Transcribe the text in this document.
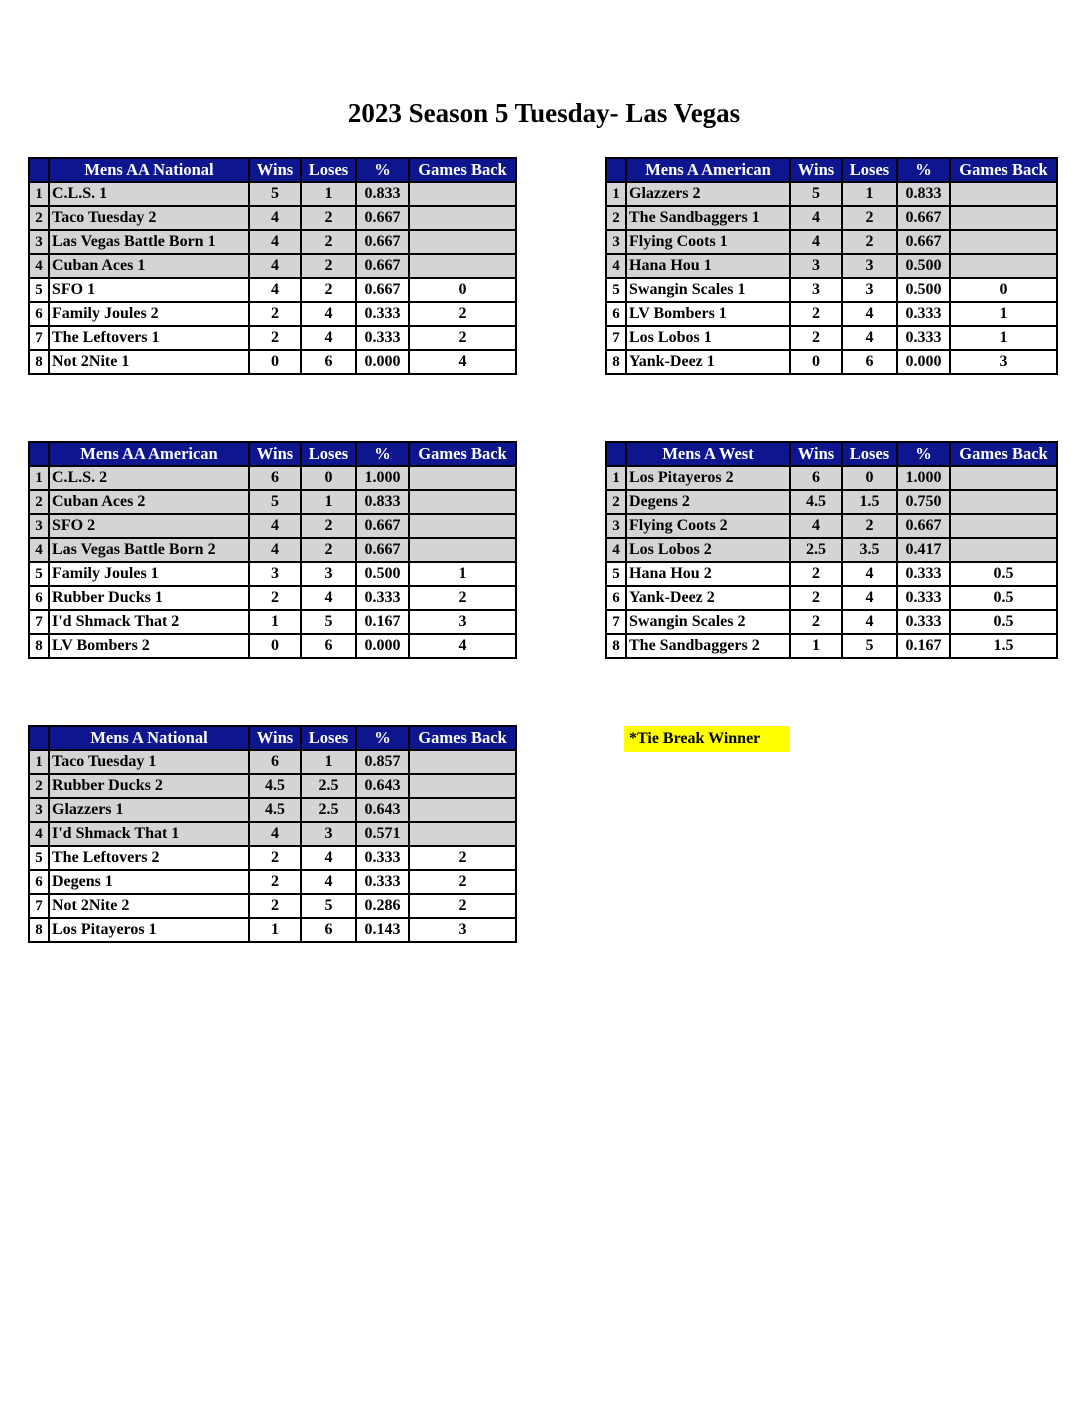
2023 Season 5 Tuesday- Las Vegas
	Mens AA National	Wins	Loses	%	Games Back
1	C.L.S. 1	5	1	0.833	
2	Taco Tuesday 2	4	2	0.667	
3	Las Vegas Battle Born 1	4	2	0.667	
4	Cuban Aces 1	4	2	0.667	
5	SFO 1	4	2	0.667	0
6	Family Joules 2	2	4	0.333	2
7	The Leftovers 1	2	4	0.333	2
8	Not 2Nite 1	0	6	0.000	4
	Mens A American	Wins	Loses	%	Games Back
1	Glazzers 2	5	1	0.833	
2	The Sandbaggers 1	4	2	0.667	
3	Flying Coots 1	4	2	0.667	
4	Hana Hou 1	3	3	0.500	
5	Swangin Scales 1	3	3	0.500	0
6	LV Bombers 1	2	4	0.333	1
7	Los Lobos 1	2	4	0.333	1
8	Yank-Deez 1	0	6	0.000	3
	Mens AA American	Wins	Loses	%	Games Back
1	C.L.S. 2	6	0	1.000	
2	Cuban Aces 2	5	1	0.833	
3	SFO 2	4	2	0.667	
4	Las Vegas Battle Born 2	4	2	0.667	
5	Family Joules 1	3	3	0.500	1
6	Rubber Ducks 1	2	4	0.333	2
7	I'd Shmack That 2	1	5	0.167	3
8	LV Bombers 2	0	6	0.000	4
	Mens A West	Wins	Loses	%	Games Back
1	Los Pitayeros 2	6	0	1.000	
2	Degens 2	4.5	1.5	0.750	
3	Flying Coots 2	4	2	0.667	
4	Los Lobos 2	2.5	3.5	0.417	
5	Hana Hou 2	2	4	0.333	0.5
6	Yank-Deez 2	2	4	0.333	0.5
7	Swangin Scales 2	2	4	0.333	0.5
8	The Sandbaggers 2	1	5	0.167	1.5
	Mens A National	Wins	Loses	%	Games Back
1	Taco Tuesday 1	6	1	0.857	
2	Rubber Ducks 2	4.5	2.5	0.643	
3	Glazzers 1	4.5	2.5	0.643	
4	I'd Shmack That 1	4	3	0.571	
5	The Leftovers 2	2	4	0.333	2
6	Degens 1	2	4	0.333	2
7	Not 2Nite 2	2	5	0.286	2
8	Los Pitayeros 1	1	6	0.143	3
*Tie Break Winner
